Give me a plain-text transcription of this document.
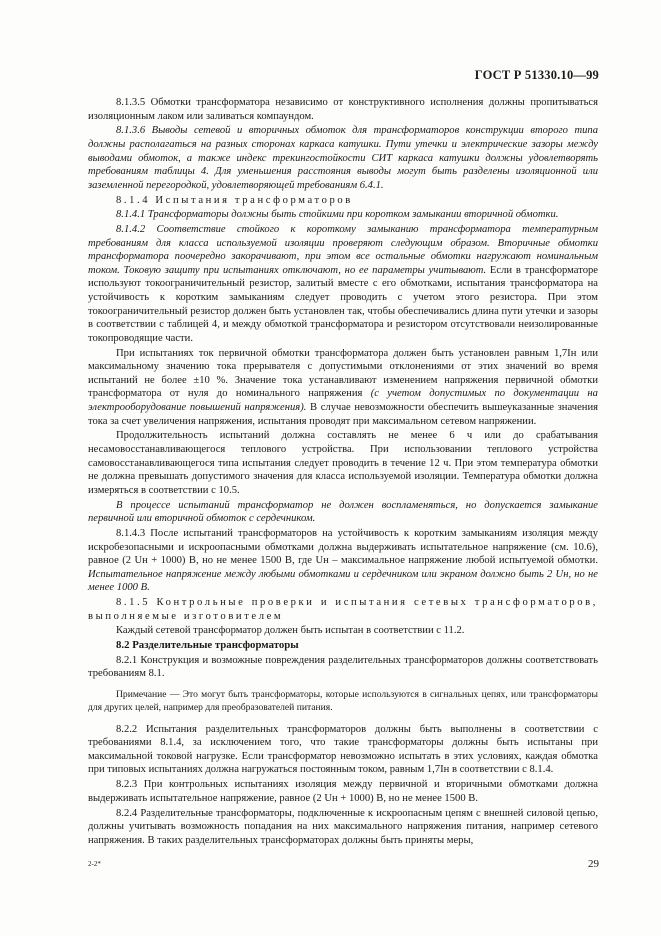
ГОСТ Р 51330.10—99

8.1.3.5 Обмотки трансформатора независимо от конструктивного исполнения должны пропитываться изоляционным лаком или заливаться компаундом.

8.1.3.6 Выводы сетевой и вторичных обмоток для трансформаторов конструкции второго типа должны располагаться на разных сторонах каркаса катушки. Пути утечки и электрические зазоры между выводами обмоток, а также индекс трекингостойкости СИТ каркаса катушки должны удовлетворять требованиям таблицы 4. Для уменьшения расстояния выводы могут быть разделены изоляционной или заземленной перегородкой, удовлетворяющей требованиям 6.4.1.

8.1.4 Испытания трансформаторов

8.1.4.1 Трансформаторы должны быть стойкими при коротком замыкании вторичной обмотки.

8.1.4.2 Соответствие стойкого к короткому замыканию трансформатора температурным требованиям для класса используемой изоляции проверяют следующим образом. Вторичные обмотки трансформатора поочередно закорачивают, при этом все остальные обмотки нагружают номинальным током. Токовую защиту при испытаниях отключают, но ее параметры учитывают. Если в трансформаторе используют токоограничительный резистор, залитый вместе с его обмотками, испытания трансформатора на устойчивость к коротким замыканиям следует проводить с учетом этого резистора. При этом токоограничительный резистор должен быть установлен так, чтобы обеспечивались длина пути утечки и зазоры в соответствии с таблицей 4, и между обмоткой трансформатора и резистором отсутствовали неизолированные токопроводящие части.

При испытаниях ток первичной обмотки трансформатора должен быть установлен равным 1,7Iн или максимальному значению тока прерывателя с допустимыми отклонениями от этих значений во время испытаний не более ±10 %. Значение тока устанавливают изменением напряжения первичной обмотки трансформатора от нуля до номинального напряжения (с учетом допустимых по документации на электрооборудование повышений напряжения). В случае невозможности обеспечить вышеуказанные значения тока за счет увеличения напряжения, испытания проводят при максимальном сетевом напряжении.

Продолжительность испытаний должна составлять не менее 6 ч или до срабатывания несамовосстанавливающегося теплового устройства. При использовании теплового устройства самовосстанавливающегося типа испытания следует проводить в течение 12 ч. При этом температура обмотки не должна превышать допустимого значения для класса используемой изоляции. Температура обмотки должна измеряться в соответствии с 10.5.

В процессе испытаний трансформатор не должен воспламеняться, но допускается замыкание первичной или вторичной обмоток с сердечником.

8.1.4.3 После испытаний трансформаторов на устойчивость к коротким замыканиям изоляция между искробезопасными и искроопасными обмотками должна выдерживать испытательное напряжение (см. 10.6), равное (2 Uн + 1000) В, но не менее 1500 В, где Uн – максимальное напряжение любой испытуемой обмотки. Испытательное напряжение между любыми обмотками и сердечником или экраном должно быть 2 Uн, но не менее 1000 В.

8.1.5 Контрольные проверки и испытания сетевых трансформаторов, выполняемые изготовителем

Каждый сетевой трансформатор должен быть испытан в соответствии с 11.2.

8.2 Разделительные трансформаторы

8.2.1 Конструкция и возможные повреждения разделительных трансформаторов должны соответствовать требованиям 8.1.

Примечание — Это могут быть трансформаторы, которые используются в сигнальных цепях, или трансформаторы для других целей, например для преобразователей питания.

8.2.2 Испытания разделительных трансформаторов должны быть выполнены в соответствии с требованиями 8.1.4, за исключением того, что такие трансформаторы должны быть испытаны при максимальной токовой нагрузке. Если трансформатор невозможно испытать в этих условиях, каждая обмотка при типовых испытаниях должна нагружаться постоянным током, равным 1,7Iн в соответствии с 8.1.4.

8.2.3 При контрольных испытаниях изоляция между первичной и вторичными обмотками должна выдерживать испытательное напряжение, равное (2 Uн + 1000) В, но не менее 1500 В.

8.2.4 Разделительные трансформаторы, подключенные к искроопасным цепям с внешней силовой цепью, должны учитывать возможность попадания на них максимального напряжения питания, например сетевого напряжения. В таких разделительных трансформаторах должны быть приняты меры,

2-2*	29
